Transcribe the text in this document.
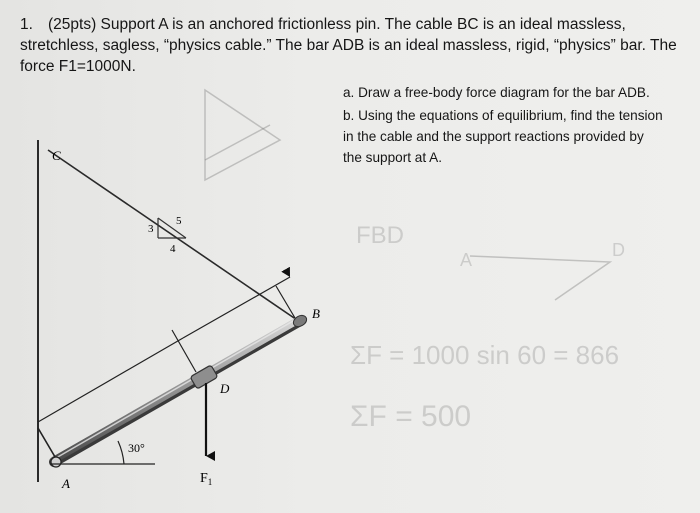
1. (25pts) Support A is an anchored frictionless pin. The cable BC is an ideal massless, stretchless, sagless, “physics cable.” The bar ADB is an ideal massless, rigid, “physics” bar. The force F1=1000N.

a. Draw a free-body force diagram for the bar ADB.

b. Using the equations of equilibrium, find the tension in the cable and the support reactions provided by the support at A.

FBD
A	D
ΣF = 1000 sin 60 = 866
ΣF = 500
3
4
5
30°
$F_1$
A
B
C
D
